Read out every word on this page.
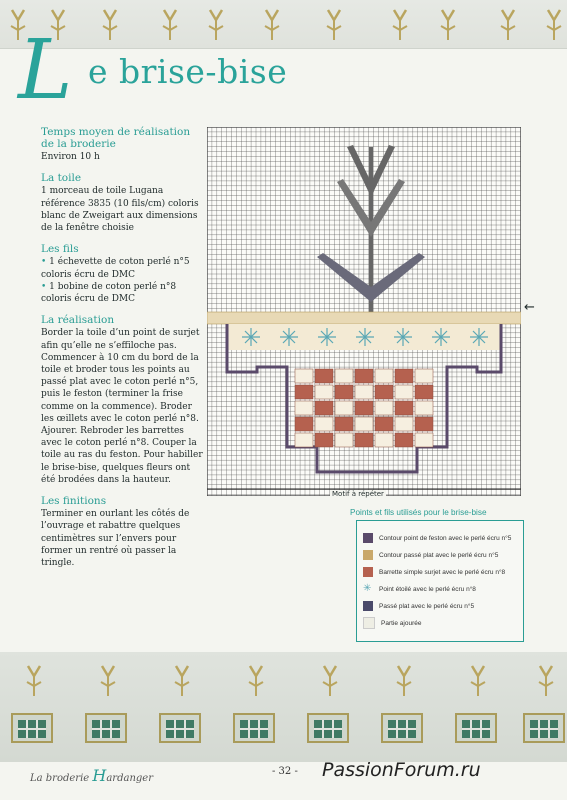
L e brise-bise
Temps moyen de réalisation de la broderie

Environ 10 h

La toile

1 morceau de toile Lugana référence 3835 (10 fils/cm) coloris blanc de Zweigart aux dimensions de la fenêtre choisie

Les fils

• 1 échevette de coton perlé n°5 coloris écru de DMC

• 1 bobine de coton perlé n°8 coloris écru de DMC

La réalisation

Border la toile d’un point de surjet afin qu’elle ne s’effiloche pas. Commencer à 10 cm du bord de la toile et broder tous les points au passé plat avec le coton perlé n°5, puis le feston (terminer la frise comme on la commence). Broder les œillets avec le coton perlé n°8. Ajourer. Rebroder les barrettes avec le coton perlé n°8. Couper la toile au ras du feston. Pour habiller le brise-bise, quelques fleurs ont été brodées dans la hauteur.

Les finitions

Terminer en ourlant les côtés de l’ouvrage et rabattre quelques centimètres sur l’envers pour former un rentré où passer la tringle.

Motif à répéter
←
Points et fils utilisés pour le brise-bise
Contour point de feston avec le perlé écru n°5
Contour passé plat avec le perlé écru n°5
Barrette simple surjet avec le perlé écru n°8
✳ Point étoilé avec le perlé écru n°8
Passé plat avec le perlé écru n°5
Partie ajourée
La broderie Hardanger
- 32 - PassionForum.ru
